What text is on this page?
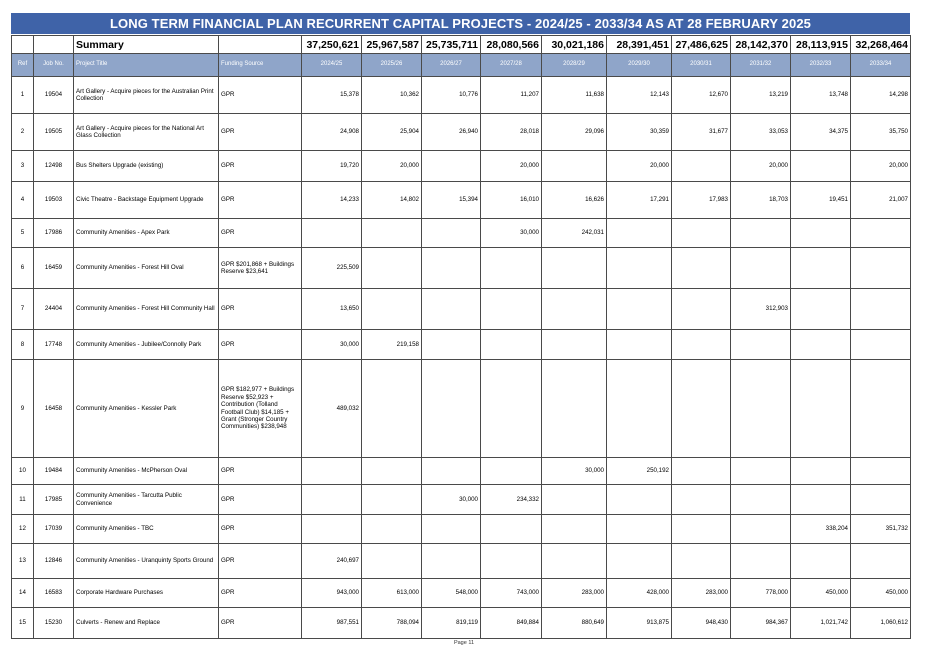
LONG TERM FINANCIAL PLAN RECURRENT CAPITAL PROJECTS - 2024/25 - 2033/34 AS AT 28 FEBRUARY 2025
		Summary		37,250,621	25,967,587	25,735,711	28,080,566	30,021,186	28,391,451	27,486,625	28,142,370	28,113,915	32,268,464
Ref	Job No.	Project Title	Funding Source	2024/25	2025/26	2026/27	2027/28	2028/29	2029/30	2030/31	2031/32	2032/33	2033/34
1	19504	Art Gallery - Acquire pieces for the Australian Print Collection	GPR	15,378	10,362	10,776	11,207	11,638	12,143	12,670	13,219	13,748	14,298
2	19505	Art Gallery - Acquire pieces for the National Art Glass Collection	GPR	24,908	25,904	26,940	28,018	29,096	30,359	31,677	33,053	34,375	35,750
3	12498	Bus Shelters Upgrade (existing)	GPR	19,720	20,000		20,000		20,000		20,000		20,000
4	19503	Civic Theatre - Backstage Equipment Upgrade	GPR	14,233	14,802	15,394	16,010	16,626	17,291	17,983	18,703	19,451	21,007
5	17986	Community Amenities - Apex Park	GPR				30,000	242,031					
6	16459	Community Amenities - Forest Hill Oval	GPR $201,868 + Buildings Reserve $23,641	225,509									
7	24404	Community Amenities - Forest Hill Community Hall	GPR	13,650							312,903		
8	17748	Community Amenities - Jubilee/Connolly Park	GPR	30,000	219,158								
9	16458	Community Amenities - Kessler Park	GPR $182,977 + Buildings Reserve $52,923 + Contribution (Tolland Football Club) $14,185 + Grant (Stronger Country Communities) $238,948	489,032									
10	19484	Community Amenities - McPherson Oval	GPR					30,000	250,192				
11	17985	Community Amenities - Tarcutta Public Convenience	GPR			30,000	234,332						
12	17039	Community Amenities - TBC	GPR									338,204	351,732
13	12846	Community Amenities - Uranquinty Sports Ground	GPR	240,697									
14	16583	Corporate Hardware Purchases	GPR	943,000	613,000	548,000	743,000	283,000	428,000	283,000	778,000	450,000	450,000
15	15230	Culverts - Renew and Replace	GPR	987,551	788,094	819,119	849,884	880,649	913,875	948,430	984,367	1,021,742	1,060,612
Page 11
